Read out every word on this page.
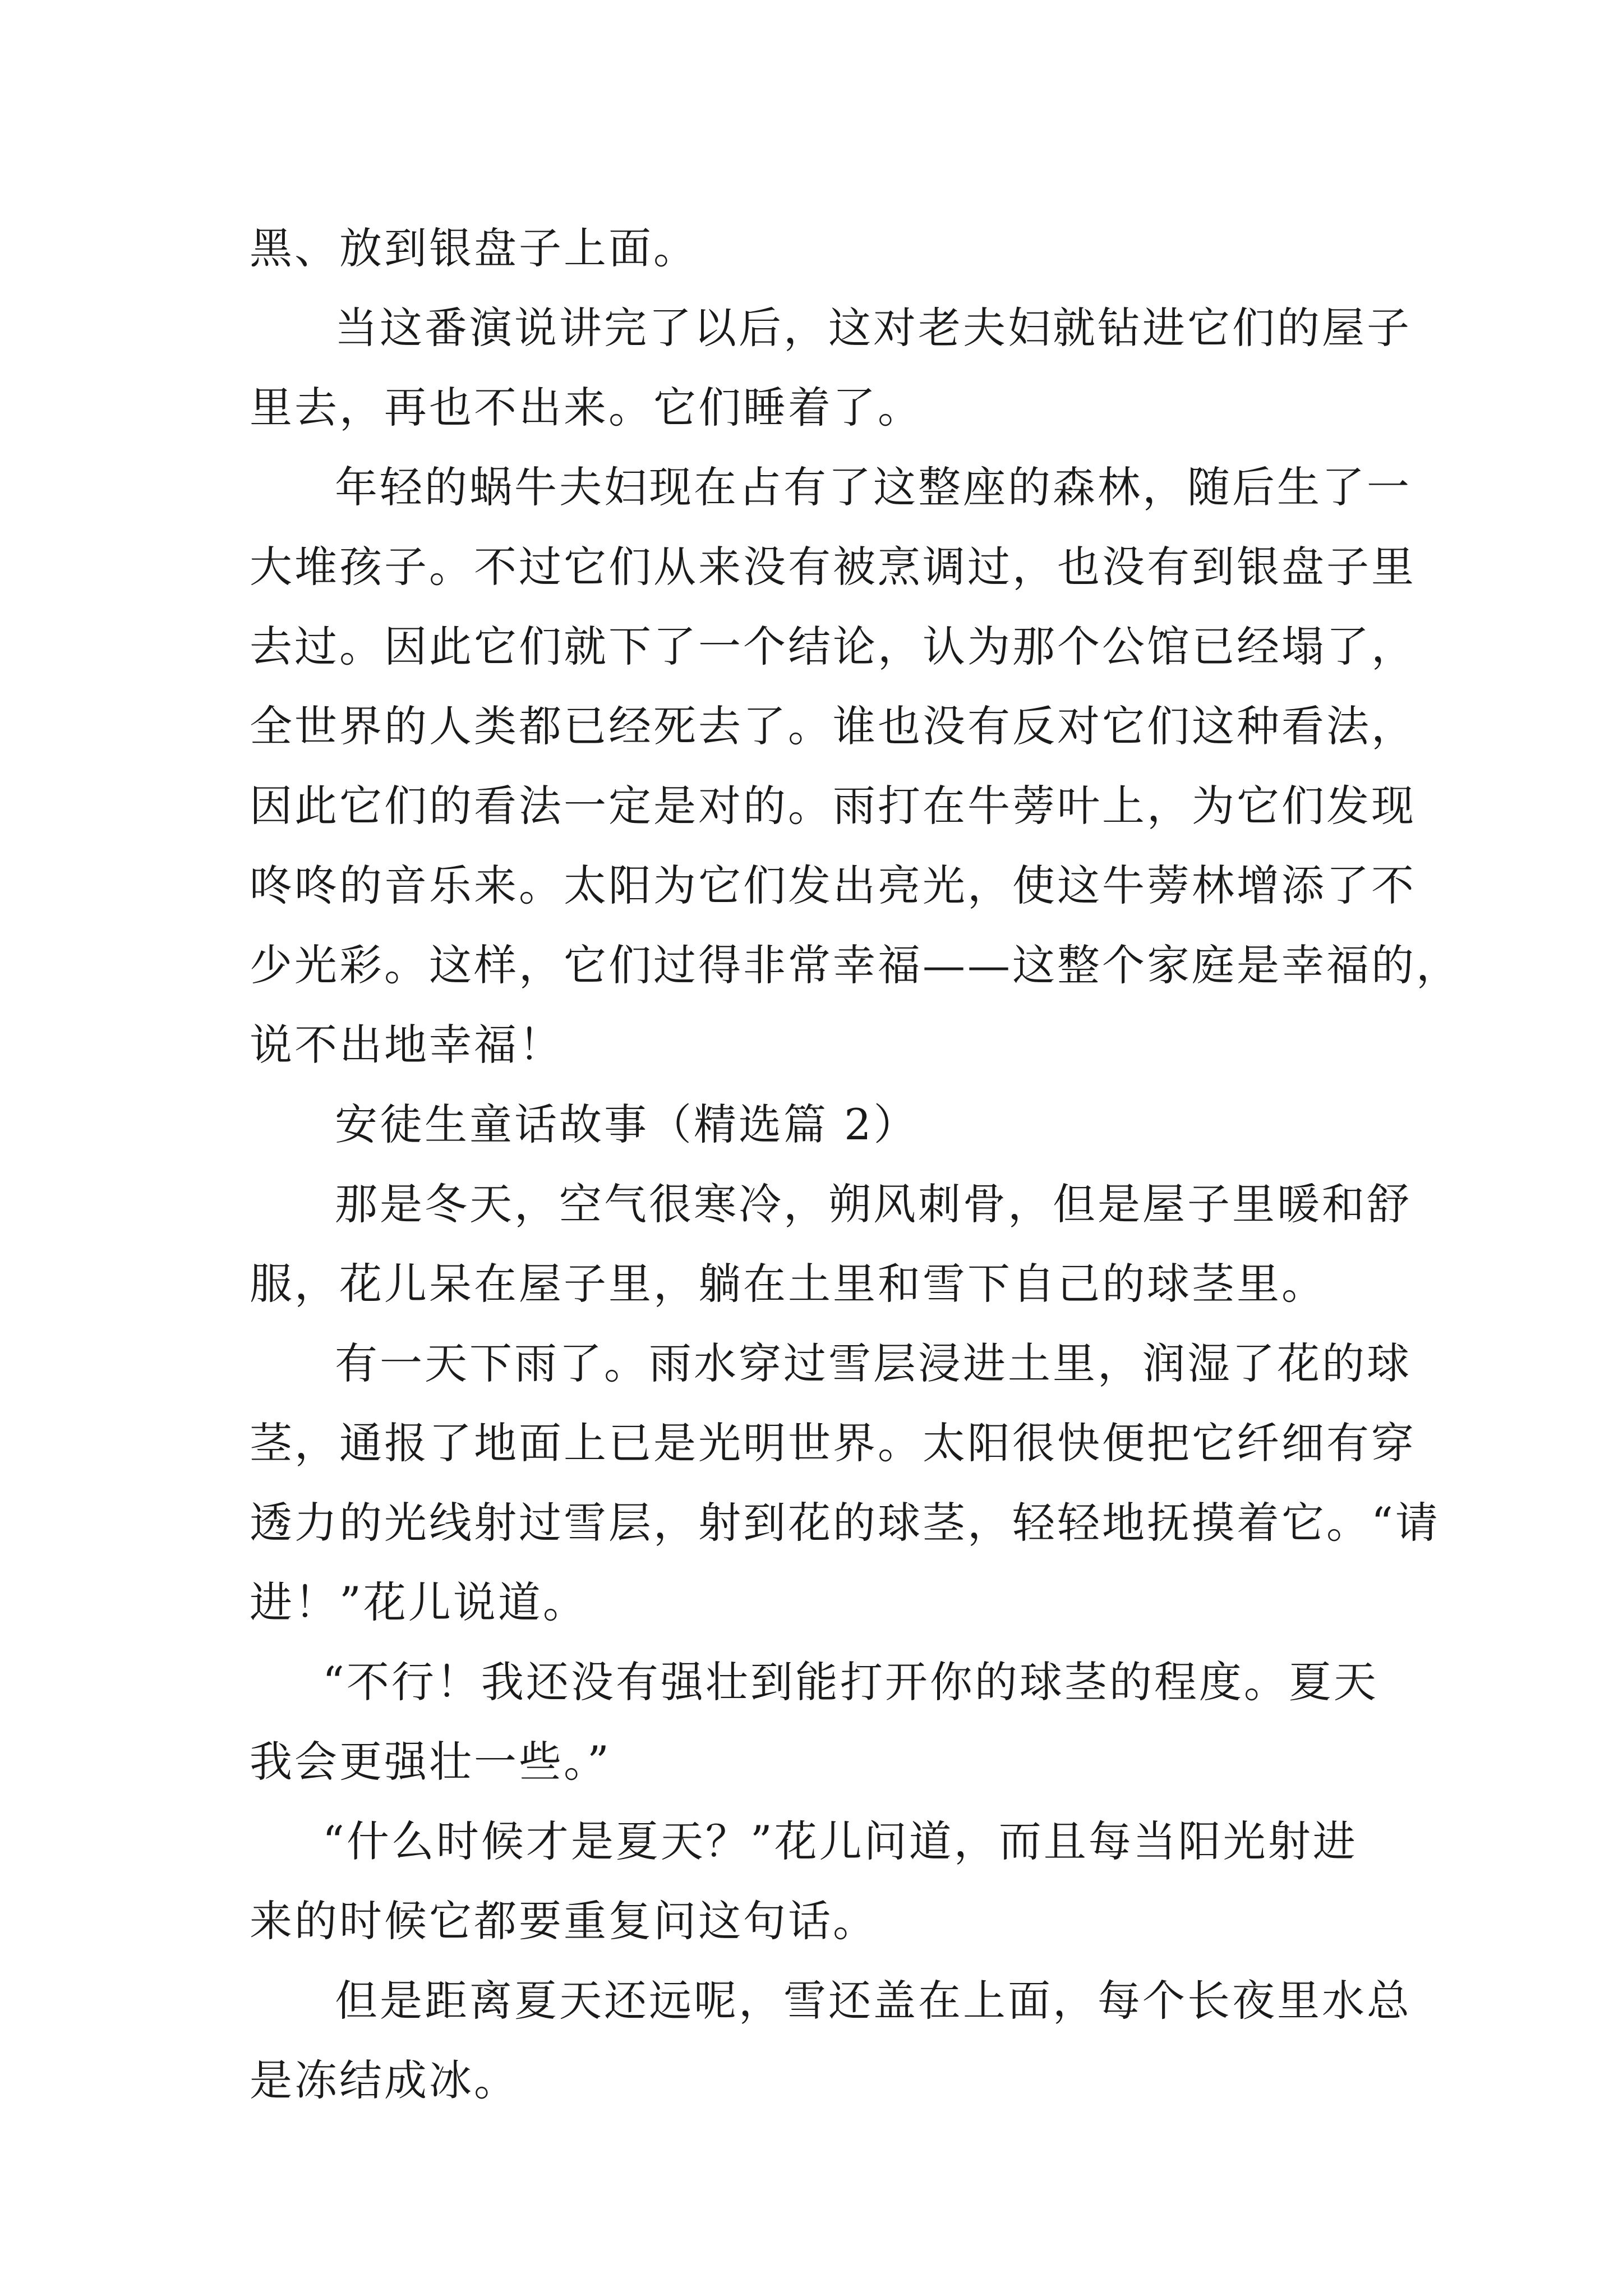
黑、放到银盘子上面。
当这番演说讲完了以后，这对老夫妇就钻进它们的屋子
里去，再也不出来。它们睡着了。
年轻的蜗牛夫妇现在占有了这整座的森林，随后生了一
大堆孩子。不过它们从来没有被烹调过，也没有到银盘子里
去过。因此它们就下了一个结论，认为那个公馆已经塌了，
全世界的人类都已经死去了。谁也没有反对它们这种看法，
因此它们的看法一定是对的。雨打在牛蒡叶上，为它们发现
咚咚的音乐来。太阳为它们发出亮光，使这牛蒡林增添了不
少光彩。这样，它们过得非常幸福——这整个家庭是幸福的，
说不出地幸福！
安徒生童话故事（精选篇 2）
那是冬天，空气很寒冷，朔风刺骨，但是屋子里暖和舒
服，花儿呆在屋子里，躺在土里和雪下自己的球茎里。
有一天下雨了。雨水穿过雪层浸进土里，润湿了花的球
茎，通报了地面上已是光明世界。太阳很快便把它纤细有穿
透力的光线射过雪层，射到花的球茎，轻轻地抚摸着它。“请
进！”花儿说道。
“不行！我还没有强壮到能打开你的球茎的程度。夏天
我会更强壮一些。”
“什么时候才是夏天？”花儿问道，而且每当阳光射进
来的时候它都要重复问这句话。
但是距离夏天还远呢，雪还盖在上面，每个长夜里水总
是冻结成冰。
